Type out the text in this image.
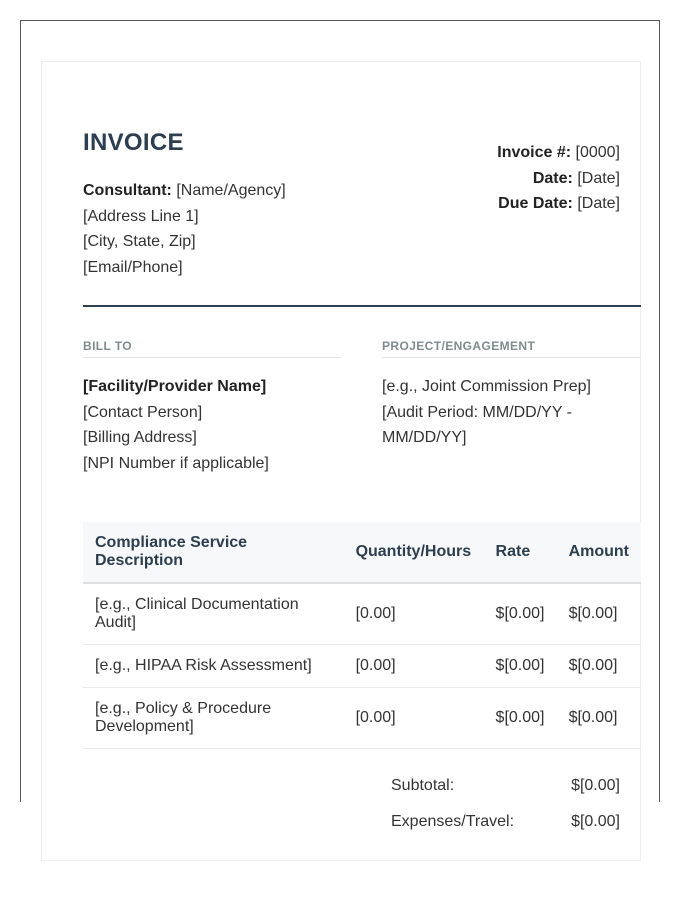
INVOICE
Consultant: [Name/Agency]
[Address Line 1]
[City, State, Zip]
[Email/Phone]
Invoice #: [0000]
Date: [Date]
Due Date: [Date]
BILL TO	PROJECT/ENGAGEMENT
[Facility/Provider Name]
[Contact Person]
[Billing Address]
[NPI Number if applicable]
[e.g., Joint Commission Prep]
[Audit Period: MM/DD/YY - MM/DD/YY]
Compliance Service Description	Quantity/Hours	Rate	Amount
[e.g., Clinical Documentation Audit]	[0.00]	$[0.00]	$[0.00]
[e.g., HIPAA Risk Assessment]	[0.00]	$[0.00]	$[0.00]
[e.g., Policy & Procedure Development]	[0.00]	$[0.00]	$[0.00]
Subtotal:	$[0.00]
Expenses/Travel:	$[0.00]
